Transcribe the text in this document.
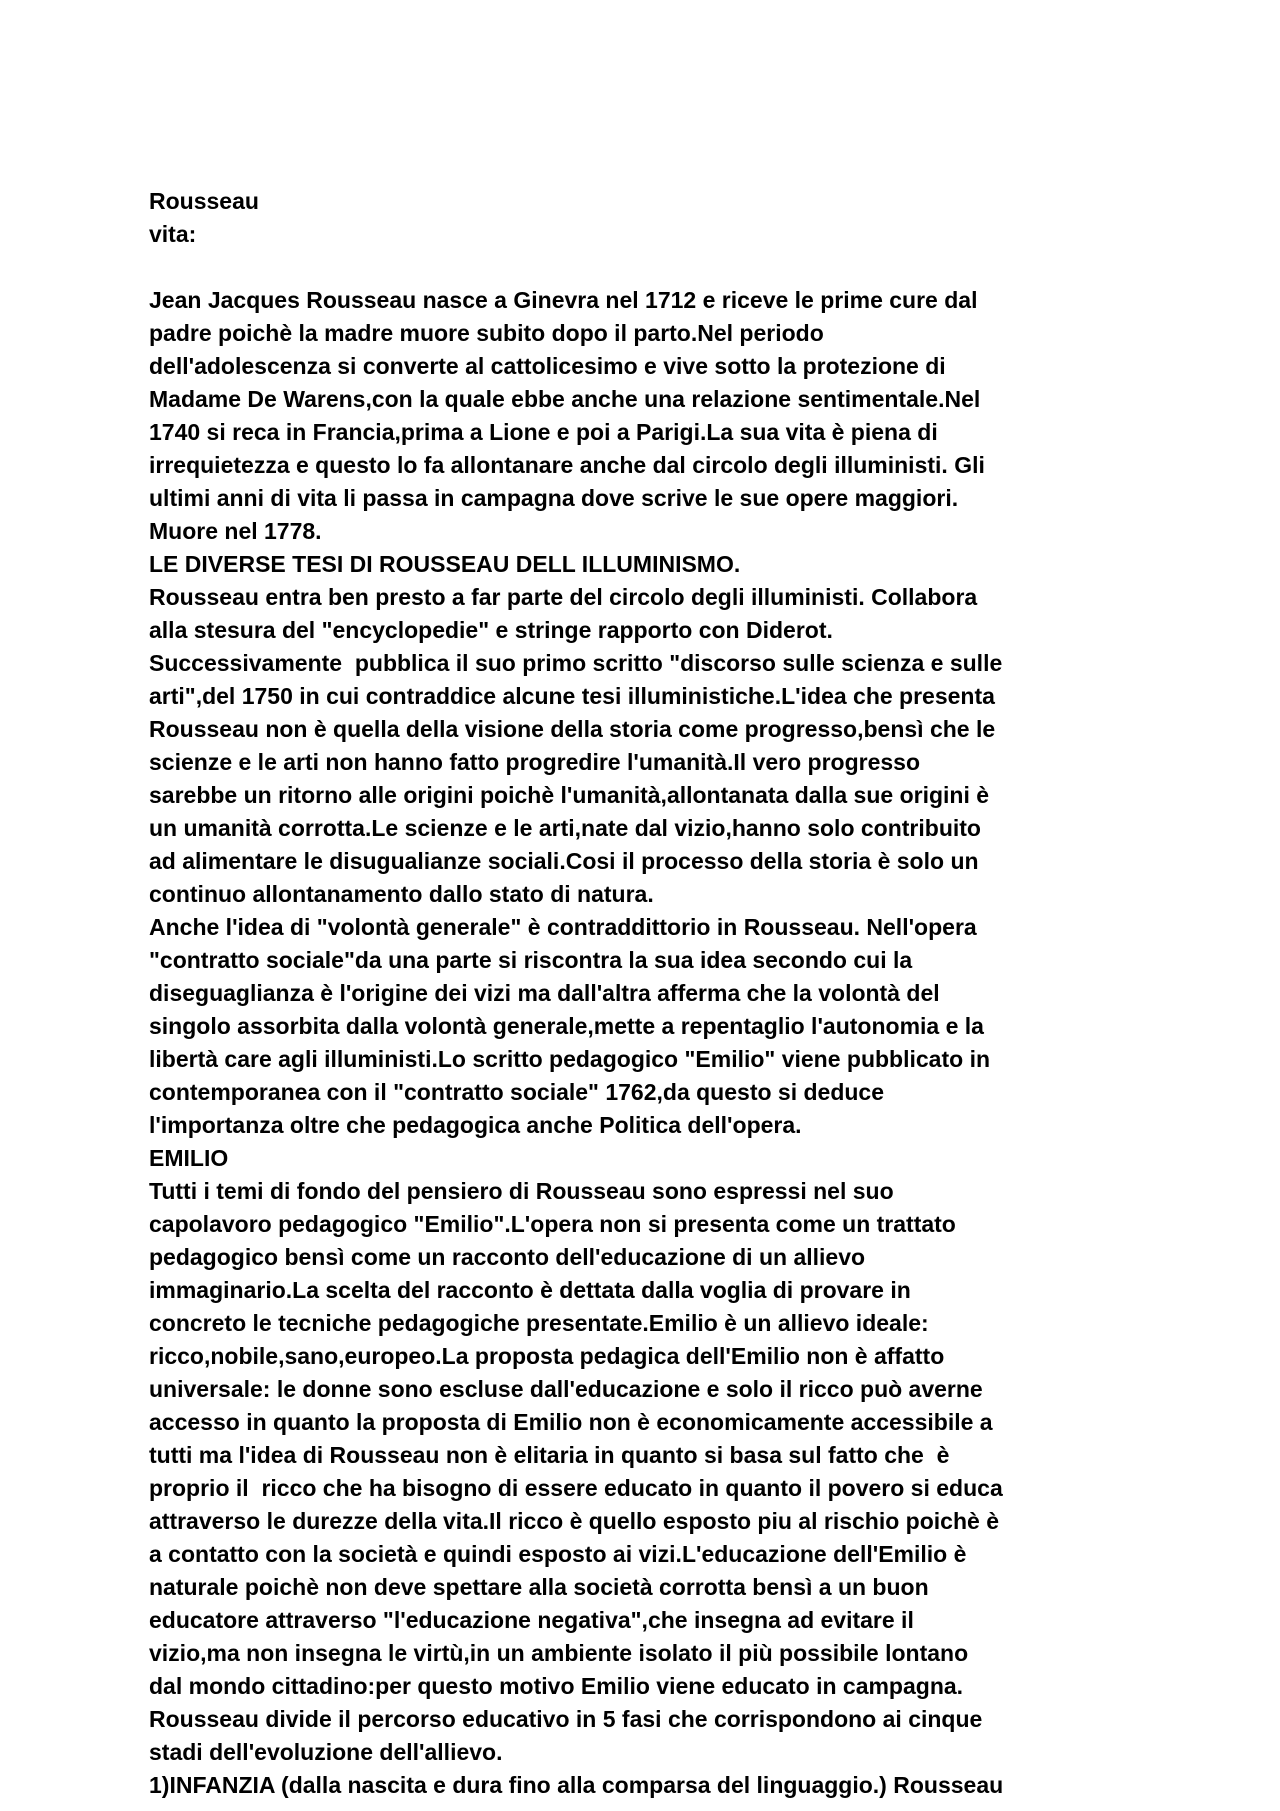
Rousseau
vita:
Jean Jacques Rousseau nasce a Ginevra nel 1712 e riceve le prime cure dal
padre poichè la madre muore subito dopo il parto.Nel periodo
dell'adolescenza si converte al cattolicesimo e vive sotto la protezione di
Madame De Warens,con la quale ebbe anche una relazione sentimentale.Nel
1740 si reca in Francia,prima a Lione e poi a Parigi.La sua vita è piena di
irrequietezza e questo lo fa allontanare anche dal circolo degli illuministi. Gli
ultimi anni di vita li passa in campagna dove scrive le sue opere maggiori.
Muore nel 1778.
LE DIVERSE TESI DI ROUSSEAU DELL ILLUMINISMO.
Rousseau entra ben presto a far parte del circolo degli illuministi. Collabora
alla stesura del "encyclopedie" e stringe rapporto con Diderot.
Successivamente  pubblica il suo primo scritto "discorso sulle scienza e sulle
arti",del 1750 in cui contraddice alcune tesi illuministiche.L'idea che presenta
Rousseau non è quella della visione della storia come progresso,bensì che le
scienze e le arti non hanno fatto progredire l'umanità.Il vero progresso
sarebbe un ritorno alle origini poichè l'umanità,allontanata dalla sue origini è
un umanità corrotta.Le scienze e le arti,nate dal vizio,hanno solo contribuito
ad alimentare le disugualianze sociali.Cosi il processo della storia è solo un
continuo allontanamento dallo stato di natura.
Anche l'idea di "volontà generale" è contraddittorio in Rousseau. Nell'opera
"contratto sociale"da una parte si riscontra la sua idea secondo cui la
diseguaglianza è l'origine dei vizi ma dall'altra afferma che la volontà del
singolo assorbita dalla volontà generale,mette a repentaglio l'autonomia e la
libertà care agli illuministi.Lo scritto pedagogico "Emilio" viene pubblicato in
contemporanea con il "contratto sociale" 1762,da questo si deduce
l'importanza oltre che pedagogica anche Politica dell'opera.
EMILIO
Tutti i temi di fondo del pensiero di Rousseau sono espressi nel suo
capolavoro pedagogico "Emilio".L'opera non si presenta come un trattato
pedagogico bensì come un racconto dell'educazione di un allievo
immaginario.La scelta del racconto è dettata dalla voglia di provare in
concreto le tecniche pedagogiche presentate.Emilio è un allievo ideale:
ricco,nobile,sano,europeo.La proposta pedagica dell'Emilio non è affatto
universale: le donne sono escluse dall'educazione e solo il ricco può averne
accesso in quanto la proposta di Emilio non è economicamente accessibile a
tutti ma l'idea di Rousseau non è elitaria in quanto si basa sul fatto che  è
proprio il  ricco che ha bisogno di essere educato in quanto il povero si educa
attraverso le durezze della vita.Il ricco è quello esposto piu al rischio poichè è
a contatto con la società e quindi esposto ai vizi.L'educazione dell'Emilio è
naturale poichè non deve spettare alla società corrotta bensì a un buon
educatore attraverso "l'educazione negativa",che insegna ad evitare il
vizio,ma non insegna le virtù,in un ambiente isolato il più possibile lontano
dal mondo cittadino:per questo motivo Emilio viene educato in campagna.
Rousseau divide il percorso educativo in 5 fasi che corrispondono ai cinque
stadi dell'evoluzione dell'allievo.
1)INFANZIA (dalla nascita e dura fino alla comparsa del linguaggio.) Rousseau
